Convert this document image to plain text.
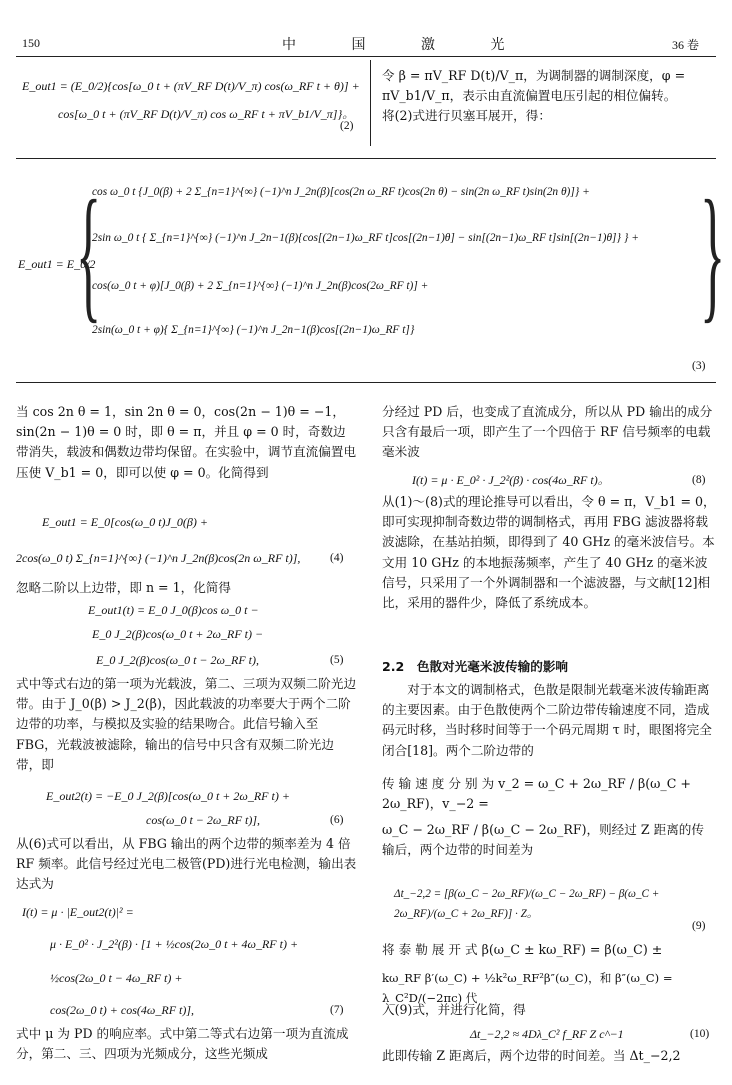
150	中 国 激 光	36 卷
E_out1 = (E_0/2){cos[ω_0 t + (πV_RF D(t)/V_π) cos(ω_RF t + θ)] +
cos[ω_0 t + (πV_RF D(t)/V_π) cos ω_RF t + πV_b1/V_π]}。
(2)
令 β = πV_RF D(t)/V_π，为调制器的调制深度，φ =
πV_b1/V_π，表示由直流偏置电压引起的相位偏转。
将(2)式进行贝塞耳展开，得：
E_out1 = E_0/2
{	}
cos ω_0 t {J_0(β) + 2 Σ_{n=1}^{∞} (−1)^n J_2n(β)[cos(2n ω_RF t)cos(2n θ) − sin(2n ω_RF t)sin(2n θ)]} +
2sin ω_0 t { Σ_{n=1}^{∞} (−1)^n J_2n−1(β){cos[(2n−1)ω_RF t]cos[(2n−1)θ] − sin[(2n−1)ω_RF t]sin[(2n−1)θ]} } +
cos(ω_0 t + φ)[J_0(β) + 2 Σ_{n=1}^{∞} (−1)^n J_2n(β)cos(2ω_RF t)] +
2sin(ω_0 t + φ){ Σ_{n=1}^{∞} (−1)^n J_2n−1(β)cos[(2n−1)ω_RF t]}
(3)
当 cos 2n θ = 1，sin 2n θ = 0，cos(2n − 1)θ = −1，sin(2n − 1)θ = 0 时，即 θ = π，并且 φ = 0 时，奇数边带消失，载波和偶数边带均保留。在实验中，调节直流偏置电压使 V_b1 = 0，即可以使 φ = 0。化简得到
E_out1 = E_0[cos(ω_0 t)J_0(β) +
2cos(ω_0 t) Σ_{n=1}^{∞} (−1)^n J_2n(β)cos(2n ω_RF t)],	(4)
忽略二阶以上边带，即 n = 1，化简得
E_out1(t) = E_0 J_0(β)cos ω_0 t −
E_0 J_2(β)cos(ω_0 t + 2ω_RF t) −
E_0 J_2(β)cos(ω_0 t − 2ω_RF t),	(5)
式中等式右边的第一项为光载波，第二、三项为双频二阶光边带。由于 J_0(β) > J_2(β)，因此载波的功率要大于两个二阶边带的功率，与模拟及实验的结果吻合。此信号输入至 FBG，光载波被滤除，输出的信号中只含有双频二阶光边带，即
E_out2(t) = −E_0 J_2(β)[cos(ω_0 t + 2ω_RF t) +
cos(ω_0 t − 2ω_RF t)],	(6)
从(6)式可以看出，从 FBG 输出的两个边带的频率差为 4 倍 RF 频率。此信号经过光电二极管(PD)进行光电检测，输出表达式为
I(t) = μ · |E_out2(t)|² =
μ · E_0² · J_2²(β) · [1 + ½cos(2ω_0 t + 4ω_RF t) +
½cos(2ω_0 t − 4ω_RF t) +
cos(2ω_0 t) + cos(4ω_RF t)],	(7)
式中 μ 为 PD 的响应率。式中第二等式右边第一项为直流成分，第二、三、四项为光频成分，这些光频成
分经过 PD 后，也变成了直流成分，所以从 PD 输出的成分只含有最后一项，即产生了一个四倍于 RF 信号频率的电载毫米波
I(t) = μ · E_0² · J_2²(β) · cos(4ω_RF t)。	(8)
从(1)～(8)式的理论推导可以看出，令 θ = π，V_b1 = 0，即可实现抑制奇数边带的调制格式，再用 FBG 滤波器将载波滤除，在基站拍频，即得到了 40 GHz 的毫米波信号。本文用 10 GHz 的本地振荡频率，产生了 40 GHz 的毫米波信号，只采用了一个外调制器和一个滤波器，与文献[12]相比，采用的器件少，降低了系统成本。
2.2　色散对光毫米波传输的影响
对于本文的调制格式，色散是限制光载毫米波传输距离的主要因素。由于色散使两个二阶边带传输速度不同，造成码元时移，当时移时间等于一个码元周期 τ 时，眼图将完全闭合[18]。两个二阶边带的
传 输 速 度 分 别 为 v_2 = ω_C + 2ω_RF / β(ω_C + 2ω_RF)，v_−2 =
ω_C − 2ω_RF / β(ω_C − 2ω_RF)，则经过 Z 距离的传输后，两个边带的时间差为
Δt_−2,2 = [β(ω_C − 2ω_RF)/(ω_C − 2ω_RF) − β(ω_C + 2ω_RF)/(ω_C + 2ω_RF)] · Z。
(9)
将 泰 勒 展 开 式 β(ω_C ± kω_RF) = β(ω_C) ±
kω_RF β′(ω_C) + ½k²ω_RF²β″(ω_C)，和 β″(ω_C) = λ_C²D/(−2πc) 代
入(9)式，并进行化简，得
Δt_−2,2 ≈ 4Dλ_C² f_RF Z c^−1	(10)
此即传输 Z 距离后，两个边带的时间差。当 Δt_−2,2
